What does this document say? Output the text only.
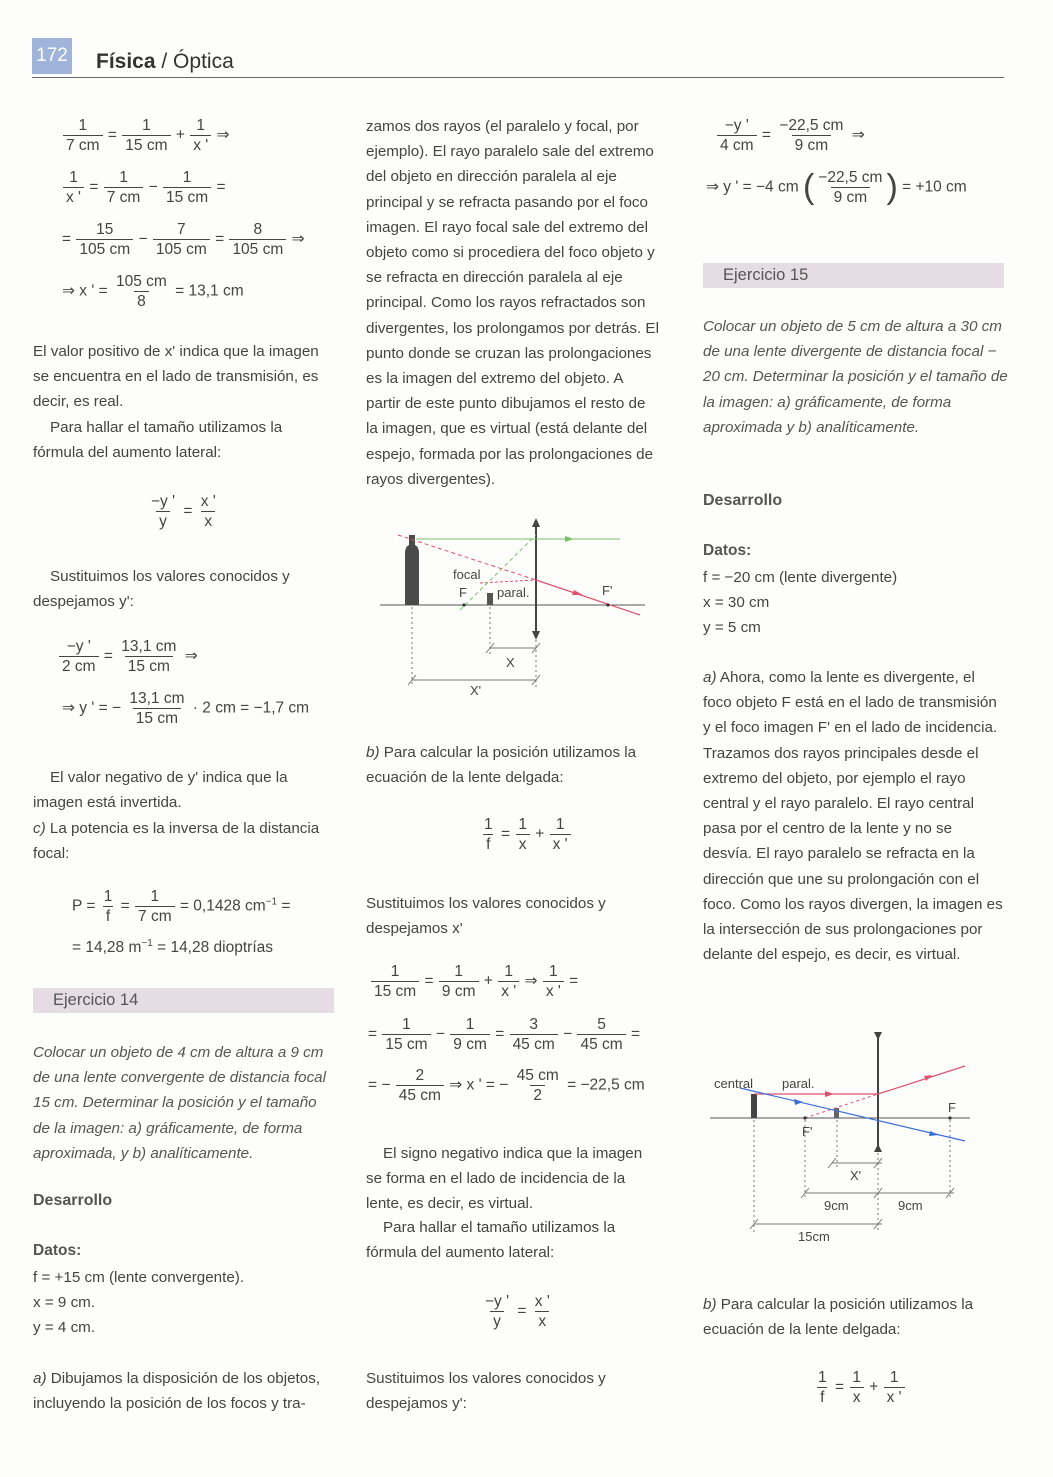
172 Física / Óptica
$\frac{1}{7 cm} = \frac{1}{15 cm} + \frac{1}{x '}$ ⇒
$\frac{1}{x '} = \frac{1}{7 cm} - \frac{1}{15 cm}$ =
= $\frac{15}{105 cm} - \frac{7}{105 cm} = \frac{8}{105 cm}$ ⇒
⇒ x ' = $\frac{105 cm}{8} = 13,1$ cm
El valor positivo de x' indica que la imagen se encuentra en el lado de transmisión, es decir, es real.
Para hallar el tamaño utilizamos la fórmula del aumento lateral:
$\frac{-y '}{y} = \frac{x '}{x}$
Sustituimos los valores conocidos y despejamos y':
$\frac{-y '}{2 cm} = \frac{13,1 cm}{15 cm}$ ⇒
⇒ y ' = − $\frac{13,1 cm}{15 cm} \cdot 2$ cm = −1,7 cm
El valor negativo de y' indica que la imagen está invertida.
c) La potencia es la inversa de la distancia focal:
$P = \frac{1}{f} = \frac{1}{7 cm} = 0,1428$ $cm^{-1}$ =
= 14,28 $m^{-1} = 14,28$ dioptrías
Ejercicio 14
Colocar un objeto de 4 cm de altura a 9 cm de una lente convergente de distancia focal 15 cm. Determinar la posición y el tamaño de la imagen: a) gráficamente, de forma aproximada, y b) analíticamente.
Desarrollo
Datos:
f = +15 cm (lente convergente).
x = 9 cm.
y = 4 cm.
a) Dibujamos la disposición de los objetos, incluyendo la posición de los focos y tra-
zamos dos rayos (el paralelo y focal, por ejemplo). El rayo paralelo sale del extremo del objeto en dirección paralela al eje principal y se refracta pasando por el foco imagen. El rayo focal sale del extremo del objeto como si procediera del foco objeto y se refracta en dirección paralela al eje principal. Como los rayos refractados son divergentes, los prolongamos por detrás. El punto donde se cruzan las prolongaciones es la imagen del extremo del objeto. A partir de este punto dibujamos el resto de la imagen, que es virtual (está delante del espejo, formada por las prolongaciones de rayos divergentes).
focal
F paral.	F'
X
X'
b) Para calcular la posición utilizamos la ecuación de la lente delgada:
$\frac{1}{f} = \frac{1}{x} + \frac{1}{x '}$
Sustituimos los valores conocidos y despejamos x'
$\frac{1}{15 cm} = \frac{1}{9 cm} + \frac{1}{x '}$ ⇒ $\frac{1}{x '}$ =
= $\frac{1}{15 cm} - \frac{1}{9 cm} = \frac{3}{45 cm} - \frac{5}{45 cm}$ =
= − $\frac{2}{45 cm}$ ⇒ x ' = − $\frac{45 cm}{2} = -22,5$ cm
El signo negativo indica que la imagen se forma en el lado de incidencia de la lente, es decir, es virtual.
Para hallar el tamaño utilizamos la fórmula del aumento lateral:
$\frac{-y '}{y} = \frac{x '}{x}$
Sustituimos los valores conocidos y despejamos y':
$\frac{-y '}{4 cm} = \frac{-22,5 cm}{9 cm}$ ⇒
⇒ y ' = −4 cm ( $\frac{-22,5 cm}{9 cm}$ ) = +10 cm
Ejercicio 15
Colocar un objeto de 5 cm de altura a 30 cm de una lente divergente de distancia focal − 20 cm. Determinar la posición y el tamaño de la imagen: a) gráficamente, de forma aproximada y b) analíticamente.
Desarrollo
Datos:
f = −20 cm (lente divergente)
x = 30 cm
y = 5 cm
a) Ahora, como la lente es divergente, el foco objeto F está en el lado de transmisión y el foco imagen F' en el lado de incidencia. Trazamos dos rayos principales desde el extremo del objeto, por ejemplo el rayo central y el rayo paralelo. El rayo central pasa por el centro de la lente y no se desvía. El rayo paralelo se refracta en la dirección que une su prolongación con el foco. Como los rayos divergen, la imagen es la intersección de sus prolongaciones por delante del espejo, es decir, es virtual.
central paral.
F
F'
X'
9cm	9cm
15cm
b) Para calcular la posición utilizamos la ecuación de la lente delgada:
$\frac{1}{f} = \frac{1}{x} + \frac{1}{x '}$
